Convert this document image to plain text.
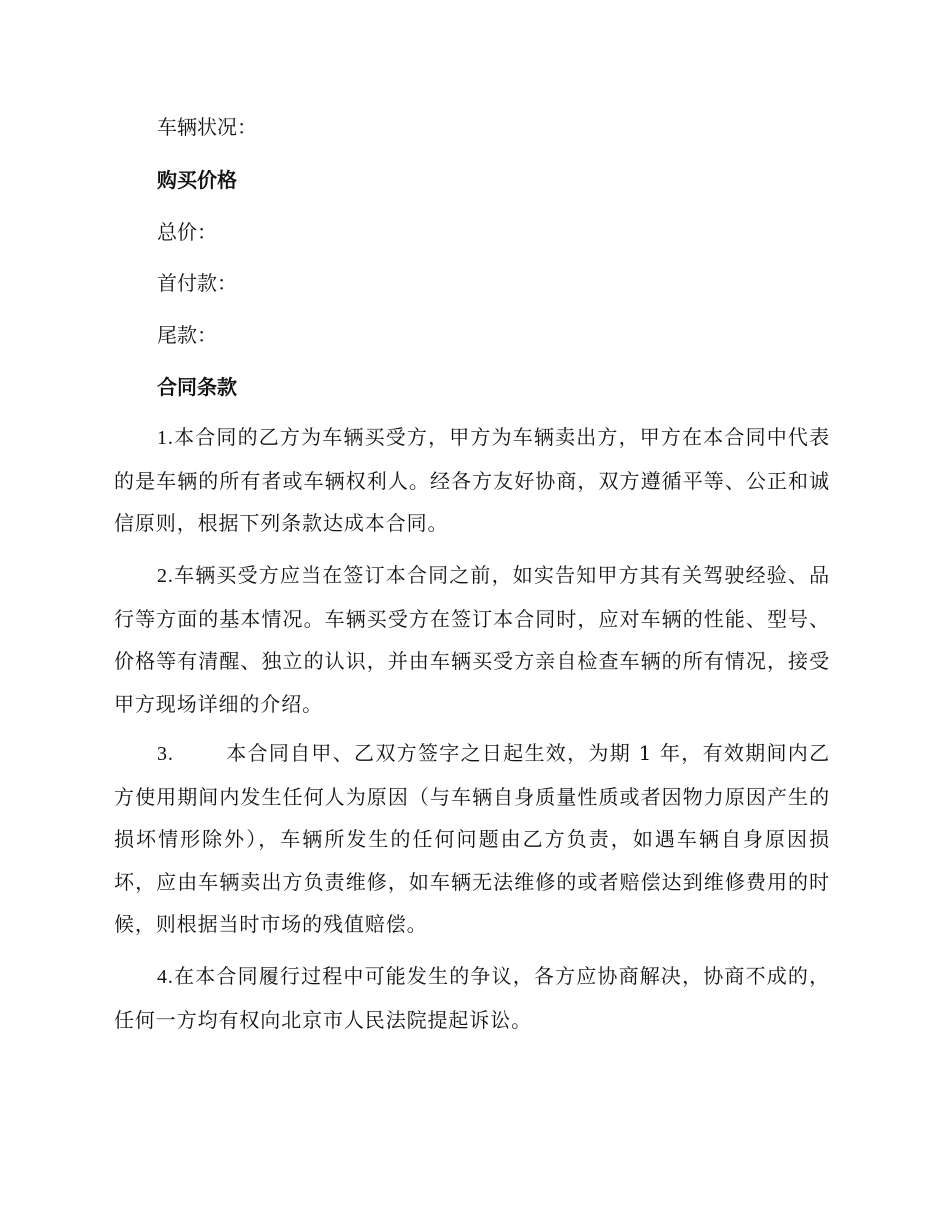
车辆状况：

购买价格

总价：

首付款：

尾款：

合同条款

1.本合同的乙方为车辆买受方，甲方为车辆卖出方，甲方在本合同中代表的是车辆的所有者或车辆权利人。经各方友好协商，双方遵循平等、公正和诚信原则，根据下列条款达成本合同。

2.车辆买受方应当在签订本合同之前，如实告知甲方其有关驾驶经验、品行等方面的基本情况。车辆买受方在签订本合同时，应对车辆的性能、型号、价格等有清醒、独立的认识，并由车辆买受方亲自检查车辆的所有情况，接受甲方现场详细的介绍。

3.	本合同自甲、乙双方签字之日起生效，为期 1 年，有效期间内乙方使用期间内发生任何人为原因（与车辆自身质量性质或者因物力原因产生的损坏情形除外），车辆所发生的任何问题由乙方负责，如遇车辆自身原因损坏，应由车辆卖出方负责维修，如车辆无法维修的或者赔偿达到维修费用的时候，则根据当时市场的残值赔偿。

4.在本合同履行过程中可能发生的争议，各方应协商解决，协商不成的，任何一方均有权向北京市人民法院提起诉讼。
